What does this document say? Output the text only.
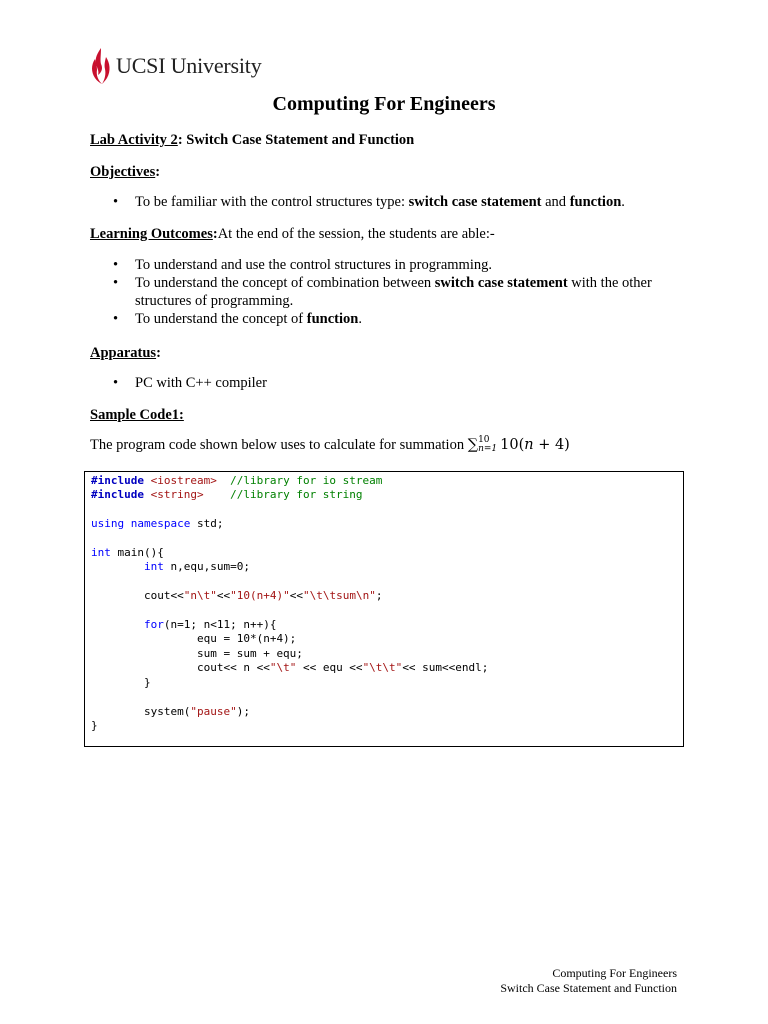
UCSI University
Computing For Engineers
Lab Activity 2: Switch Case Statement and Function
Objectives:
• To be familiar with the control structures type: switch case statement and function.
Learning Outcomes:At the end of the session, the students are able:-
• To understand and use the control structures in programming.
• To understand the concept of combination between switch case statement with the other structures of programming.
• To understand the concept of function.
Apparatus:
• PC with C++ compiler
Sample Code1:
The program code shown below uses to calculate for summation ∑ 10
n=1 10(n + 4)
#include <iostream> //library for io stream
#include <string> //library for string

using namespace std;

int main(){
int n,equ,sum=0;

cout<<"n\t"<<"10(n+4)"<<"\t\tsum\n";

for(n=1; n<11; n++){
equ = 10*(n+4);
sum = sum + equ;
cout<< n <<"\t" << equ <<"\t\t"<< sum<<endl;
}

system("pause");
}
Computing For Engineers
Switch Case Statement and Function
